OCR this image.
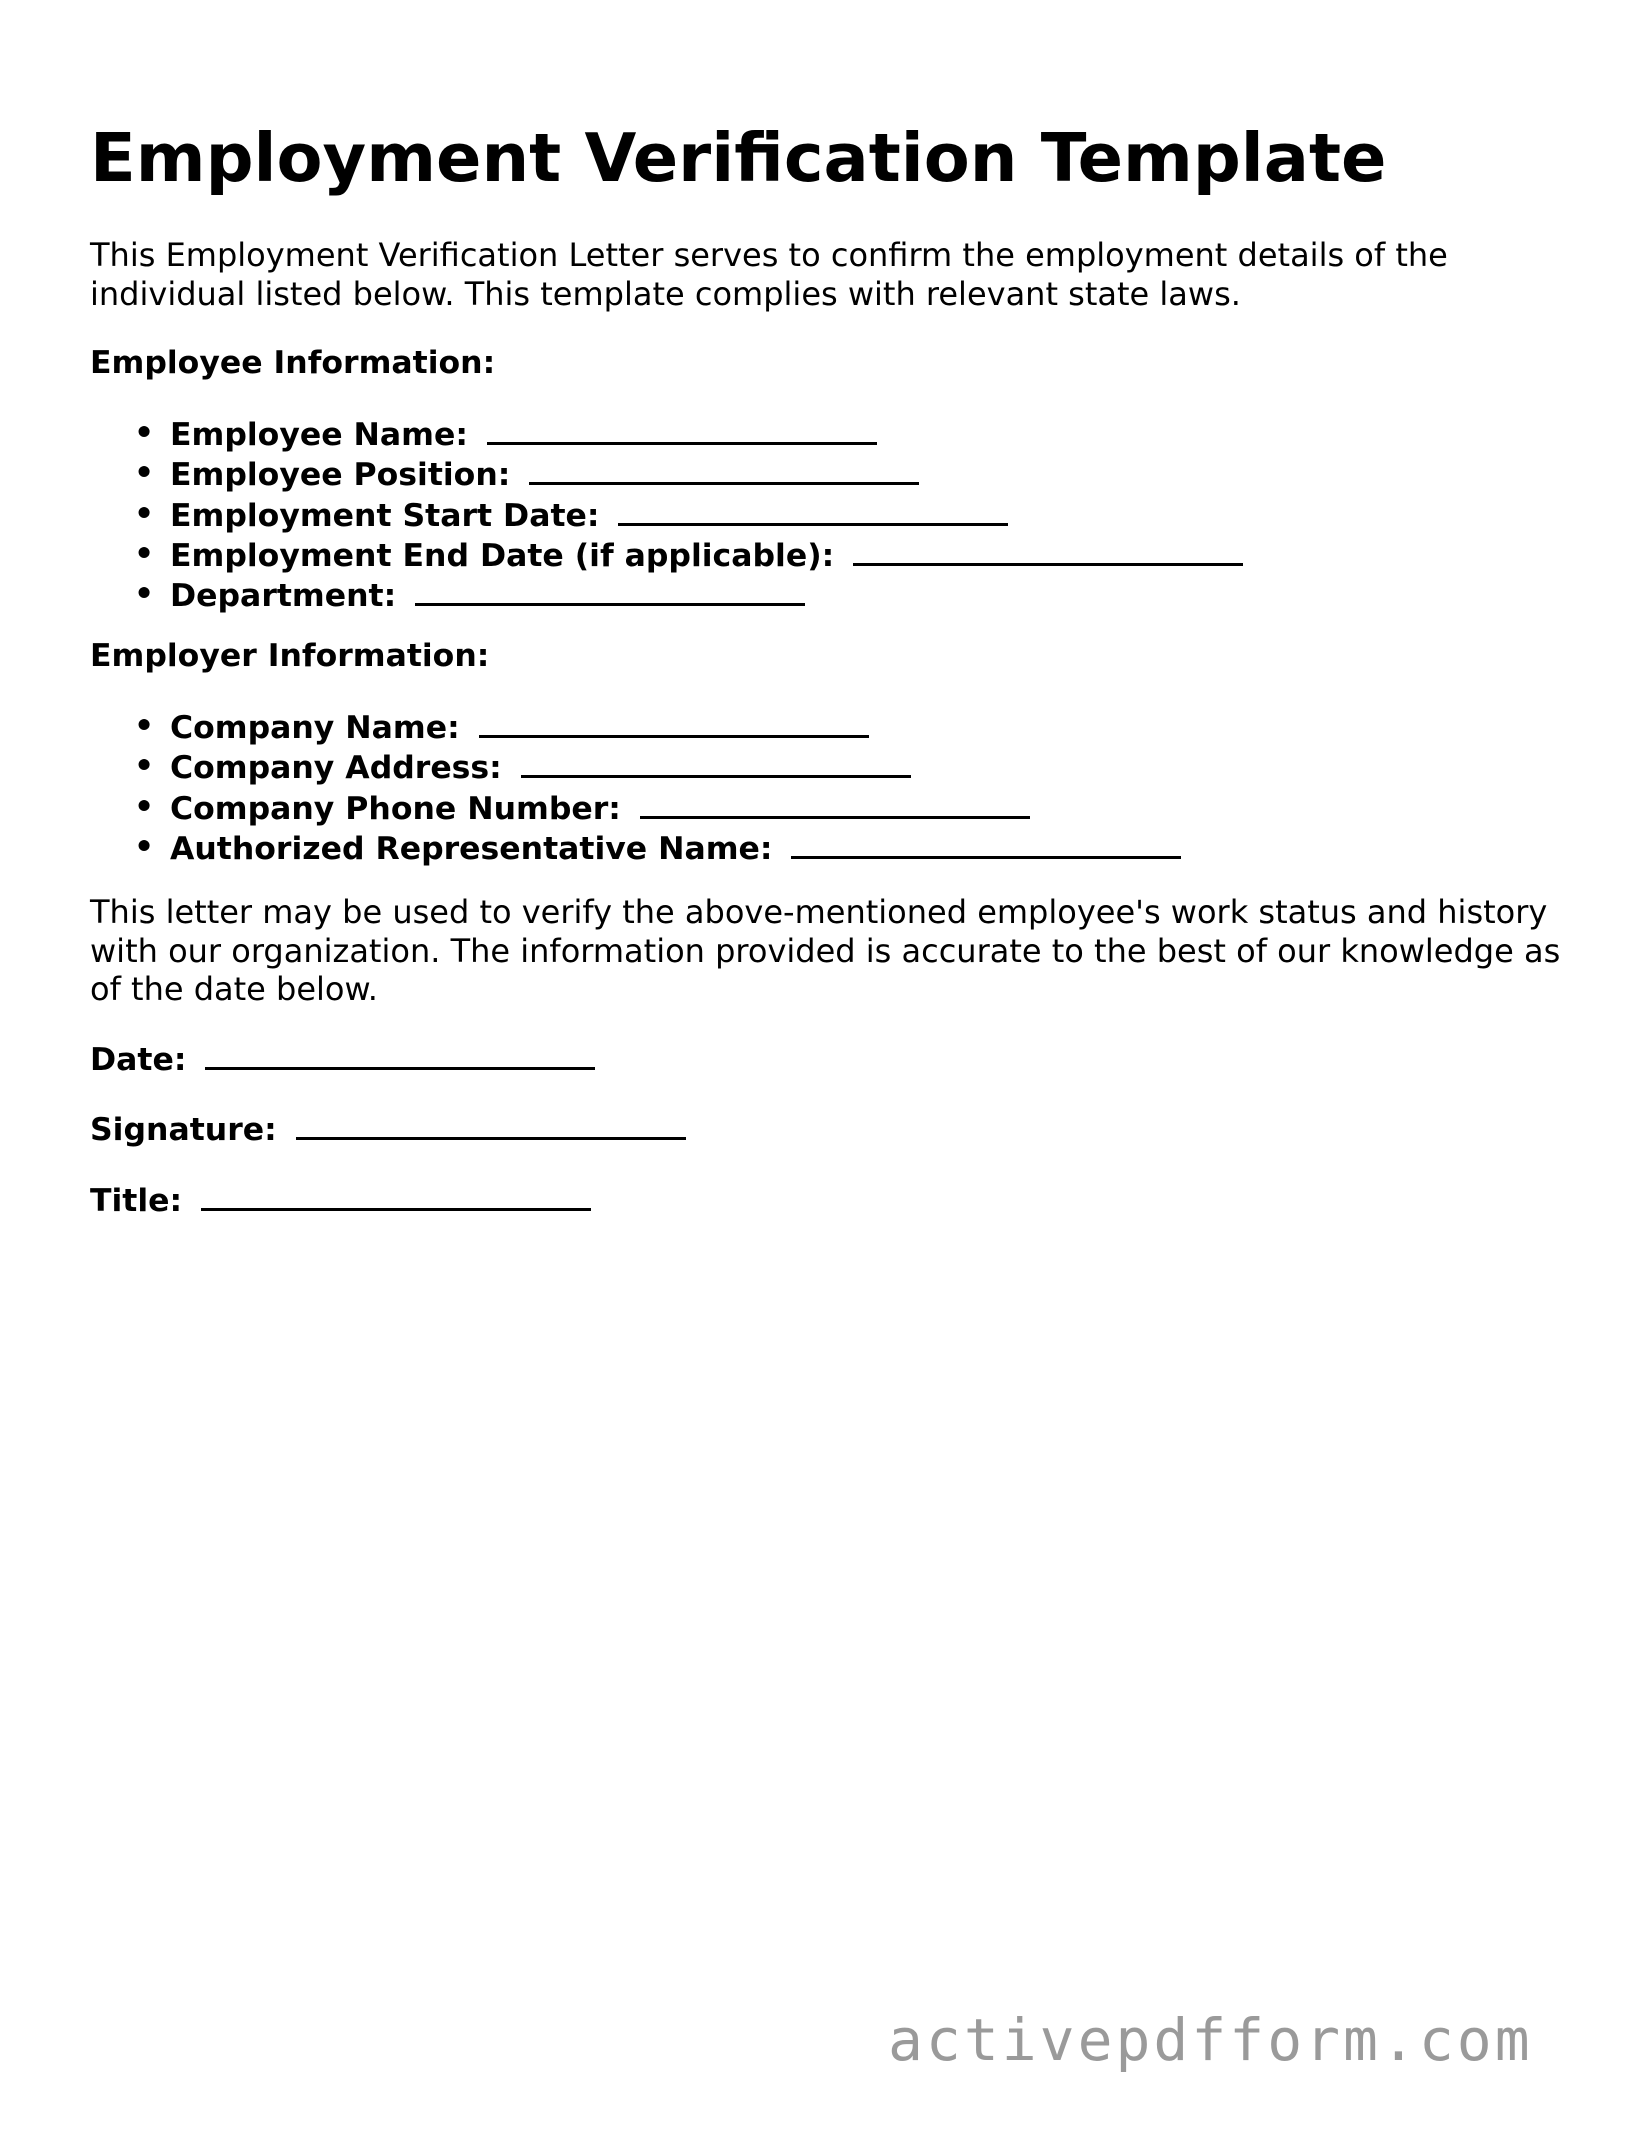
Employment Verification Template

This Employment Verification Letter serves to confirm the employment details of the individual listed below. This template complies with relevant state laws.

Employee Information:

• Employee Name:
• Employee Position:
• Employment Start Date:
• Employment End Date (if applicable):
• Department:

Employer Information:

• Company Name:
• Company Address:
• Company Phone Number:
• Authorized Representative Name:

This letter may be used to verify the above-mentioned employee's work status and history with our organization. The information provided is accurate to the best of our knowledge as of the date below.

Date:

Signature:

Title:

activepdfform.com
